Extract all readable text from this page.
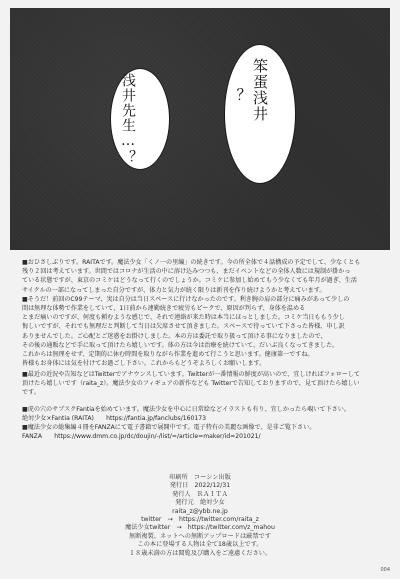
浅井先生…？	笨蛋浅井
？
■おひさしぶりです。RAITAです。魔法少女「くノ一の里編」の続きです。今の所全体で４話構成の予定でして、少なくとも
残り２回は考えています。世間ではコロナが生活の中に溶け込みつつも、まだイベントなどの全体人数には規制が掛かっ
ている状態ですが、東京のコミケはどうなって行くのでしょうか。コミケに参加し始めてもう少なくても年月が過ぎ、生活
サイクルの一部になってしまった自分ですが、体力と気力が続く限りは新刊を作り続けようかと考えています。
■そうだ！前回のC99テーマ、実は自分は当日スペースに行けなかったのです。利き腕の肩の部分に痛みがあって少しの
間は無理な体勢で作業をしていて、1日前から連勤続きで疲労もピークで、原因が判らず、身体を温める
とまだ痛いのですが、何度も頼むような感じで、それで連絡が来た時は本当にほっとしました。コミケ当日ももう少し
悔しいですが、それでも無理だと判断して当日は欠席させて頂きました。スペースで待っていて下さった皆様、申し訳
ありませんでした。ご心配とご迷惑をお掛けしました。本の方は委託で取り扱って頂ける事になりましたので、
その後の通販などで手に取って頂けたら嬉しいです。体の方は今は治療を続けていて、だいぶ良くなってきました。
これからは無理をせず、定期的に休む時間を取りながら作業を進めて行こうと思います。健康第一ですね。
皆様もお身体には気を付けてお過ごし下さい。これからもどうぞよろしくお願いします。
■最近の近況や告知などはTwitterでアナウンスしています。Twitterが一番情報の鮮度が高いので、宜しければフォローして
頂けたら嬉しいです（raita_z）。魔法少女のフィギュアの新作なども Twitterで告知しておりますので、見て頂けたら嬉しい
です。
■虎の穴のサブスクFantiaを始めています。魔法少女を中心に日常絵などイラストも有り、宜しかったら覗いて下さい。
絶対少女×Fantia (RAITA)　　https://fantia.jp/fanclubs/160173
■魔法少女の総集編４冊をFANZAにて電子書籍で展開中です。電子特有の美麗な画像で、是非ご覧下さい。
FANZA　　https://www.dmm.co.jp/dc/doujin/-/list/=/article=maker/id=201021/
印刷所　コーシン出版
発行日　2022/12/31
発行人　ＲＡＩＴＡ
発行元　絶対少女
raita_z@ybb.ne.jp
twitter　→　https://twitter.com/raita_z
魔法少女twitter　→　https://twitter.com/z_mahou
無断複製、ネットへの無断アップロードは厳禁です
この本に登場する人物は全て18歳以上です。
１８歳未満の方は閲覧及び購入をご遠慮ください。
004
